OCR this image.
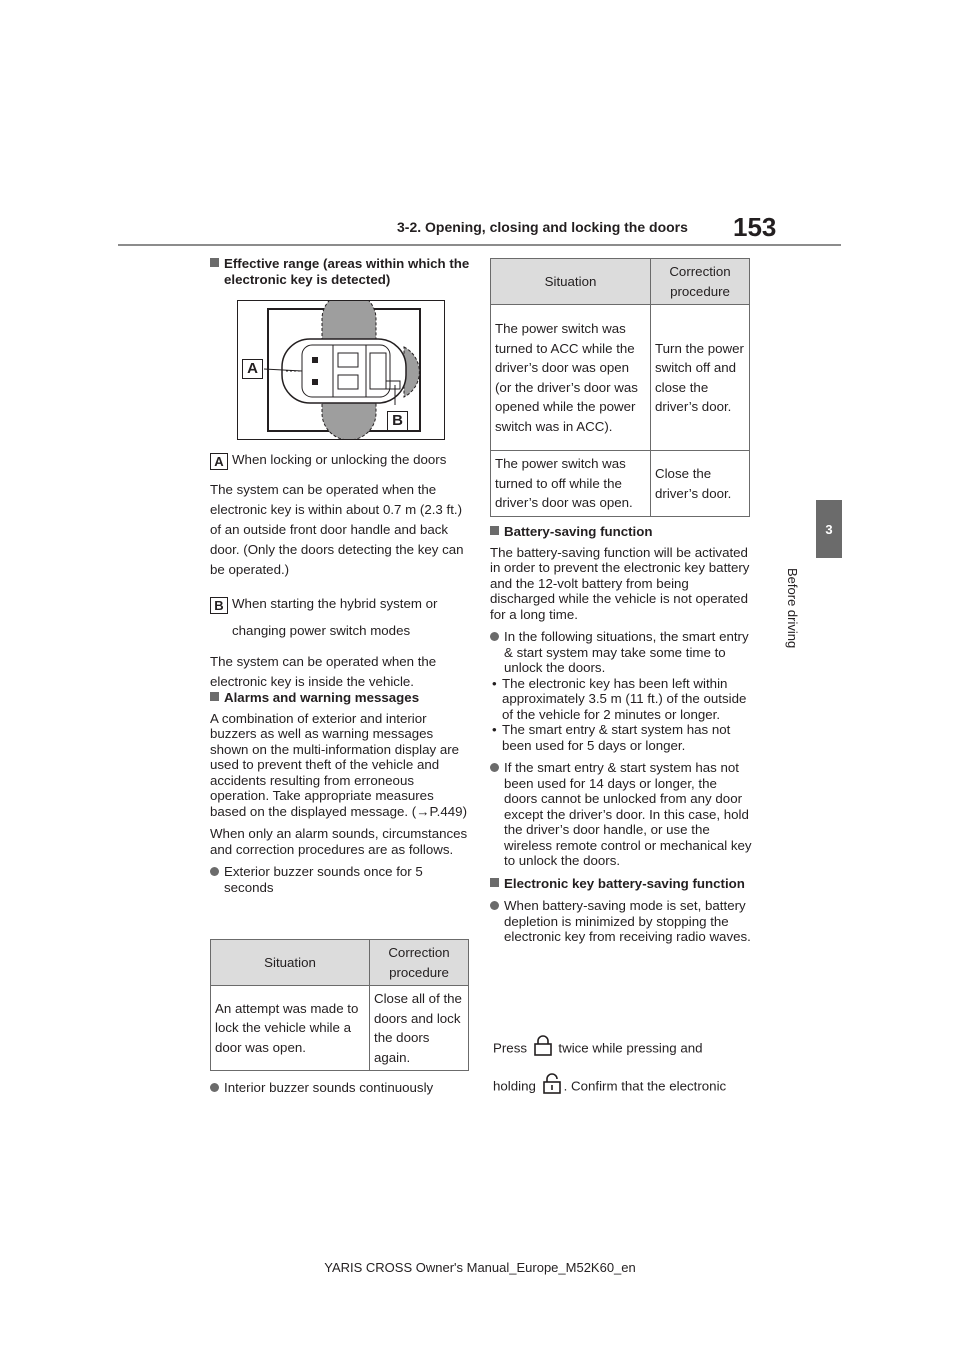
3-2. Opening, closing and locking the doors 153
3
Before driving

Effective range (areas within which the electronic key is detected)

A
B

A When locking or unlocking the doors

The system can be operated when the electronic key is within about 0.7 m (2.3 ft.) of an outside front door handle and back door. (Only the doors detecting the key can be operated.)

B When starting the hybrid system or changing power switch modes

The system can be operated when the electronic key is inside the vehicle.

Alarms and warning messages

A combination of exterior and interior buzzers as well as warning messages shown on the multi-information display are used to prevent theft of the vehicle and accidents resulting from erroneous operation. Take appropriate measures based on the displayed message. (→P.449)

When only an alarm sounds, circumstances and correction procedures are as follows.

Exterior buzzer sounds once for 5 seconds

Situation	Correction procedure
An attempt was made to lock the vehicle while a door was open.	Close all of the doors and lock the doors again.

Interior buzzer sounds continuously

Situation	Correction procedure
The power switch was turned to ACC while the driver’s door was open (or the driver’s door was opened while the power switch was in ACC).	Turn the power switch off and close the driver’s door.
The power switch was turned to off while the driver’s door was open.	Close the driver’s door.

Battery-saving function

The battery-saving function will be activated in order to prevent the electronic key battery and the 12-volt battery from being discharged while the vehicle is not operated for a long time.

In the following situations, the smart entry & start system may take some time to unlock the doors.

• The electronic key has been left within approximately 3.5 m (11 ft.) of the outside of the vehicle for 2 minutes or longer.

• The smart entry & start system has not been used for 5 days or longer.

If the smart entry & start system has not been used for 14 days or longer, the doors cannot be unlocked from any door except the driver’s door. In this case, hold the driver’s door handle, or use the wireless remote control or mechanical key to unlock the doors.

Electronic key battery-saving function

When battery-saving mode is set, battery depletion is minimized by stopping the electronic key from receiving radio waves.

Press twice while pressing and
holding . Confirm that the electronic
YARIS CROSS Owner's Manual_Europe_M52K60_en
